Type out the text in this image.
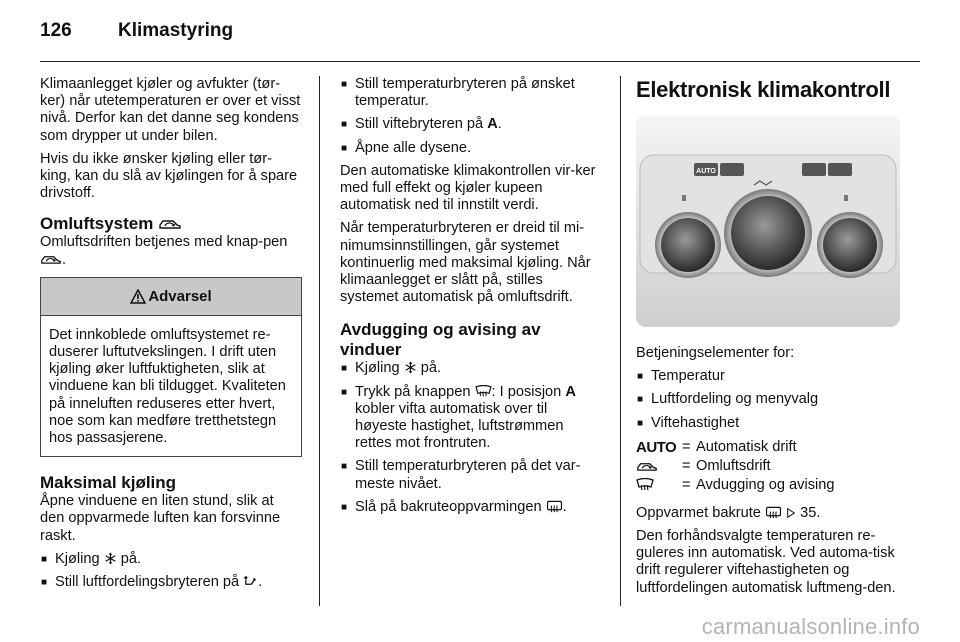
126	Klimastyring

Klimaanlegget kjøler og avfukter (tør-ker) når utetemperaturen er over et visst nivå. Derfor kan det danne seg kondens som drypper ut under bilen.

Hvis du ikke ønsker kjøling eller tør-king, kan du slå av kjølingen for å spare drivstoff.

Omluftsystem

Omluftsdriften betjenes med knap-pen .

Advarsel
Det innkoblede omluftsystemet re-duserer luftutvekslingen. I drift uten kjøling øker luftfuktigheten, slik at vinduene kan bli tildugget. Kvaliteten på inneluften reduseres etter hvert, noe som kan medføre tretthetstegn hos passasjerene.
Maksimal kjøling

Åpne vinduene en liten stund, slik at den oppvarmede luften kan forsvinne raskt.

■ Kjøling på.
■ Still luftfordelingsbryteren på .
■ Still temperaturbryteren på ønsket temperatur.
■ Still viftebryteren på A.
■ Åpne alle dysene.

Den automatiske klimakontrollen vir-ker med full effekt og kjøler kupeen automatisk ned til innstilt verdi.

Når temperaturbryteren er dreid til mi-nimumsinnstillingen, går systemet kontinuerlig med maksimal kjøling. Når klimaanlegget er slått på, stilles systemet automatisk på omluftsdrift.

Avdugging og avising av vinduer
■ Kjøling på.
■ Trykk på knappen : I posisjon A kobler vifta automatisk over til høyeste hastighet, luftstrømmen rettes mot frontruten.
■ Still temperaturbryteren på det var-meste nivået.
■ Slå på bakruteoppvarmingen .
Elektronisk klimakontroll
AUTO

Betjeningselementer for:

■ Temperatur
■ Luftfordeling og menyvalg
■ Viftehastighet
AUTO = Automatisk drift
= Omluftsdrift
= Avdugging og avising

Oppvarmet bakrute	35.

Den forhåndsvalgte temperaturen re-guleres inn automatisk. Ved automa-tisk drift regulerer viftehastigheten og luftfordelingen automatisk luftmeng-den.

carmanualsonline.info
